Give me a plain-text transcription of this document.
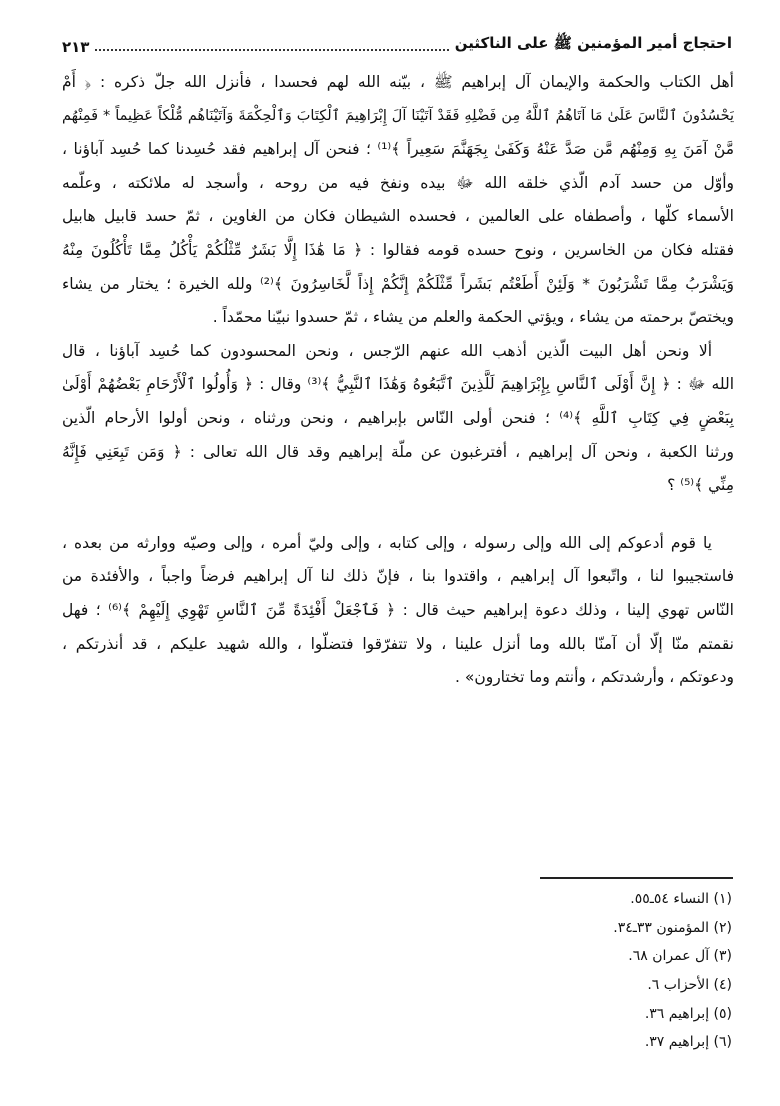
احتجاج أمير المؤمنين ﷺ على الناكثين
٢١٣
أهل الكتاب والحكمة والإيمان آل إبراهيم ﷺ ، بيّنه الله لهم فحسدا ، فأنزل الله جلّ ذكره : ﴿ أَمْ
يَحْسُدُونَ ٱلنَّاسَ عَلَىٰ مَا آتَاهُمُ ٱللَّهُ مِن فَضْلِهِ فَقَدْ آتَيْنَا آلَ إِبْرَاهِيمَ ٱلْكِتَابَ وَٱلْحِكْمَةَ وَآتَيْنَاهُم مُّلْكاً عَظِيماً * فَمِنْهُم
مَّنْ آمَنَ بِهِ وَمِنْهُم مَّن صَدَّ عَنْهُ وَكَفَىٰ بِجَهَنَّمَ سَعِيراً ﴾⁽¹⁾ ؛ فنحن آل إبراهيم فقد حُسِدنا كما حُسِد آباؤنا ،
وأوّل من حسد آدم الّذي خلقه الله ﷻ بيده ونفخ فيه من روحه ، وأسجد له ملائكته ، وعلّمه
الأسماء كلّها ، وأصطفاه على العالمين ، فحسده الشيطان فكان من الغاوين ، ثمّ حسد قابيل هابيل
فقتله فكان من الخاسرين ، ونوح حسده قومه فقالوا : ﴿ مَا هَٰذَا إِلَّا بَشَرٌ مِّثْلُكُمْ يَأْكُلُ مِمَّا تَأْكُلُونَ مِنْهُ
وَيَشْرَبُ مِمَّا تَشْرَبُونَ * وَلَئِنْ أَطَعْتُم بَشَراً مِّثْلَكُمْ إِنَّكُمْ إِذاً لَّخَاسِرُونَ ﴾⁽²⁾ ولله الخيرة ؛ يختار من يشاء
ويختصّ برحمته من يشاء ، ويؤتي الحكمة والعلم من يشاء ، ثمّ حسدوا نبيّنا محمّداً .
ألا ونحن أهل البيت الّذين أذهب الله عنهم الرّجس ، ونحن المحسودون كما حُسِد آباؤنا ، قال
الله ﷻ : ﴿ إِنَّ أَوْلَى ٱلنَّاسِ بِإِبْرَاهِيمَ لَلَّذِينَ ٱتَّبَعُوهُ وَهَٰذَا ٱلنَّبِيُّ ﴾⁽³⁾ وقال : ﴿ وَأُولُوا ٱلْأَرْحَامِ بَعْضُهُمْ أَوْلَىٰ
بِبَعْضٍ فِي كِتَابِ ٱللَّهِ ﴾⁽⁴⁾ ؛ فنحن أولى النّاس بإبراهيم ، ونحن ورثناه ، ونحن أولوا الأرحام الّذين
ورثنا الكعبة ، ونحن آل إبراهيم ، أفترغبون عن ملّة إبراهيم وقد قال الله تعالى : ﴿ وَمَن تَبِعَنِي فَإِنَّهُ
مِنِّي ﴾⁽⁵⁾ ؟
يا قوم أدعوكم إلى الله وإلى رسوله ، وإلى كتابه ، وإلى وليّ أمره ، وإلى وصيّه ووارثه من بعده ،
فاستجيبوا لنا ، واتّبعوا آل إبراهيم ، واقتدوا بنا ، فإنّ ذلك لنا آل إبراهيم فرضاً واجباً ، والأفئدة من
النّاس تهوي إلينا ، وذلك دعوة إبراهيم حيث قال : ﴿ فَٱجْعَلْ أَفْئِدَةً مِّنَ ٱلنَّاسِ تَهْوِي إِلَيْهِمْ ﴾⁽⁶⁾ ؛ فهل
نقمتم منّا إلّا أن آمنّا بالله وما أنزل علينا ، ولا تتفرّقوا فتضلّوا ، والله شهيد عليكم ، قد أنذرتكم ،
ودعوتكم ، وأرشدتكم ، وأنتم وما تختارون» .
(١) النساء ٥٤ـ٥٥.
(٢) المؤمنون ٣٣ـ٣٤.
(٣) آل عمران ٦٨.
(٤) الأحزاب ٦.
(٥) إبراهيم ٣٦.
(٦) إبراهيم ٣٧.
